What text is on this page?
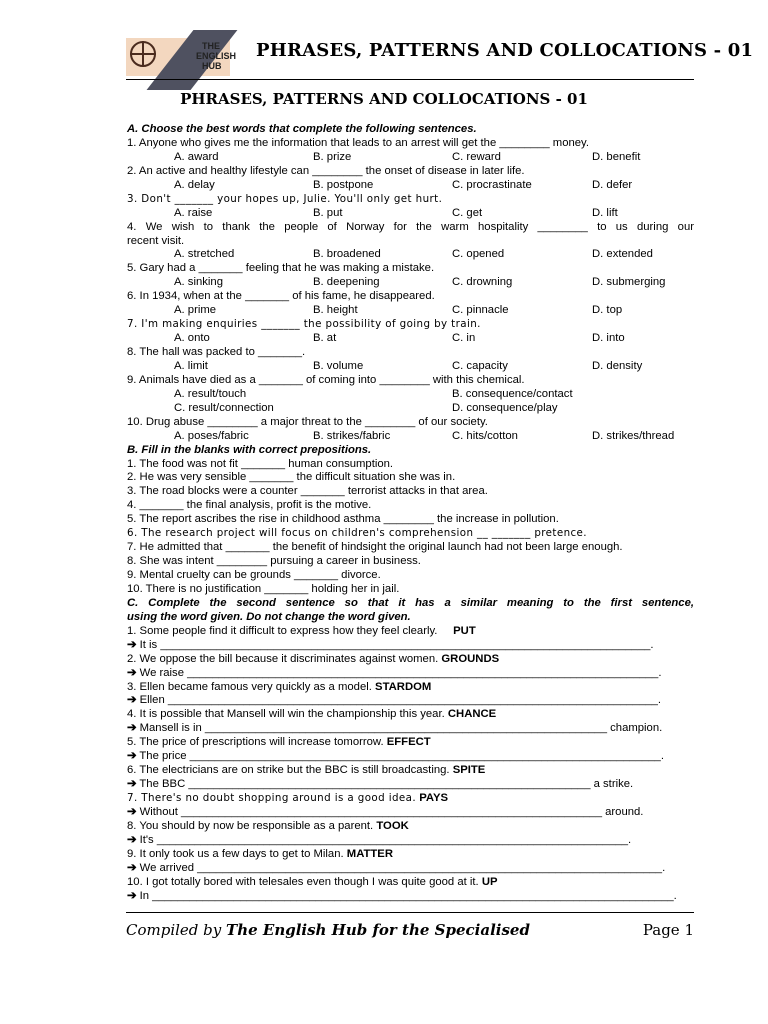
THE
ENGLISH
HUB
PHRASES, PATTERNS AND COLLOCATIONS - 01
PHRASES, PATTERNS AND COLLOCATIONS - 01
A. Choose the best words that complete the following sentences.
1. Anyone who gives me the information that leads to an arrest will get the ________ money.
A. award	B. prize	C. reward	D. benefit
2. An active and healthy lifestyle can ________ the onset of disease in later life.
A. delay	B. postpone	C. procrastinate	D. defer
3. Don't _______ your hopes up, Julie. You'll only get hurt.
A. raise	B. put	C. get	D. lift
4. We wish to thank the people of Norway for the warm hospitality ________ to us during our
recent visit.
A. stretched	B. broadened	C. opened	D. extended
5. Gary had a _______ feeling that he was making a mistake.
A. sinking	B. deepening	C. drowning	D. submerging
6. In 1934, when at the _______ of his fame, he disappeared.
A. prime	B. height	C. pinnacle	D. top
7. I'm making enquiries _______ the possibility of going by train.
A. onto	B. at	C. in	D. into
8. The hall was packed to _______.
A. limit	B. volume	C. capacity	D. density
9. Animals have died as a _______ of coming into ________ with this chemical.
A. result/touch	B. consequence/contact
C. result/connection	D. consequence/play
10. Drug abuse ________ a major threat to the ________ of our society.
A. poses/fabric	B. strikes/fabric	C. hits/cotton	D. strikes/thread
B. Fill in the blanks with correct prepositions.
1. The food was not fit _______ human consumption.
2. He was very sensible _______ the difficult situation she was in.
3. The road blocks were a counter _______ terrorist attacks in that area.
4. _______ the final analysis, profit is the motive.
5. The report ascribes the rise in childhood asthma ________ the increase in pollution.
6. The research project will focus on children's comprehension __ _______ pretence.
7. He admitted that _______ the benefit of hindsight the original launch had not been large enough.
8. She was intent ________ pursuing a career in business.
9. Mental cruelty can be grounds _______ divorce.
10. There is no justification _______ holding her in jail.
C. Complete the second sentence so that it has a similar meaning to the first sentence,
using the word given. Do not change the word given.
1. Some people find it difficult to express how they feel clearly. PUT
➔ It is ______________________________________________________________________________.
2. We oppose the bill because it discriminates against women. GROUNDS
➔ We raise ___________________________________________________________________________.
3. Ellen became famous very quickly as a model. STARDOM
➔ Ellen ______________________________________________________________________________.
4. It is possible that Mansell will win the championship this year. CHANCE
➔ Mansell is in ________________________________________________________________ champion.
5. The price of prescriptions will increase tomorrow. EFFECT
➔ The price ___________________________________________________________________________.
6. The electricians are on strike but the BBC is still broadcasting. SPITE
➔ The BBC ________________________________________________________________ a strike.
7. There's no doubt shopping around is a good idea. PAYS
➔ Without ___________________________________________________________________ around.
8. You should by now be responsible as a parent. TOOK
➔ It's ___________________________________________________________________________.
9. It only took us a few days to get to Milan. MATTER
➔ We arrived __________________________________________________________________________.
10. I got totally bored with telesales even though I was quite good at it. UP
➔ In ___________________________________________________________________________________.
Compiled by The English Hub for the Specialised	Page 1
